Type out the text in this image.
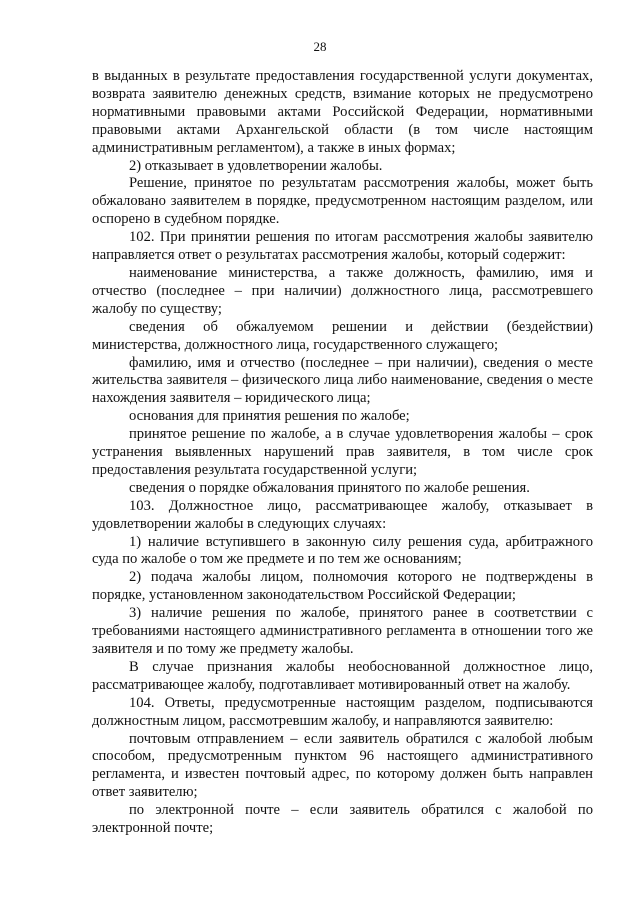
28

в выданных в результате предоставления государственной услуги документах, возврата заявителю денежных средств, взимание которых не предусмотрено нормативными правовыми актами Российской Федерации, нормативными правовыми актами Архангельской области (в том числе настоящим административным регламентом), а также в иных формах;

2) отказывает в удовлетворении жалобы.

Решение, принятое по результатам рассмотрения жалобы, может быть обжаловано заявителем в порядке, предусмотренном настоящим разделом, или оспорено в судебном порядке.

102. При принятии решения по итогам рассмотрения жалобы заявителю направляется ответ о результатах рассмотрения жалобы, который содержит:

наименование министерства, а также должность, фамилию, имя и отчество (последнее – при наличии) должностного лица, рассмотревшего жалобу по существу;

сведения об обжалуемом решении и действии (бездействии) министерства, должностного лица, государственного служащего;

фамилию, имя и отчество (последнее – при наличии), сведения о месте жительства заявителя – физического лица либо наименование, сведения о месте нахождения заявителя – юридического лица;

основания для принятия решения по жалобе;

принятое решение по жалобе, а в случае удовлетворения жалобы – срок устранения выявленных нарушений прав заявителя, в том числе срок предоставления результата государственной услуги;

сведения о порядке обжалования принятого по жалобе решения.

103. Должностное лицо, рассматривающее жалобу, отказывает в удовлетворении жалобы в следующих случаях:

1) наличие вступившего в законную силу решения суда, арбитражного суда по жалобе о том же предмете и по тем же основаниям;

2) подача жалобы лицом, полномочия которого не подтверждены в порядке, установленном законодательством Российской Федерации;

3) наличие решения по жалобе, принятого ранее в соответствии с требованиями настоящего административного регламента в отношении того же заявителя и по тому же предмету жалобы.

В случае признания жалобы необоснованной должностное лицо, рассматривающее жалобу, подготавливает мотивированный ответ на жалобу.

104. Ответы, предусмотренные настоящим разделом, подписываются должностным лицом, рассмотревшим жалобу, и направляются заявителю:

почтовым отправлением – если заявитель обратился с жалобой любым способом, предусмотренным пунктом 96 настоящего административного регламента, и известен почтовый адрес, по которому должен быть направлен ответ заявителю;

по электронной почте – если заявитель обратился с жалобой по электронной почте;
